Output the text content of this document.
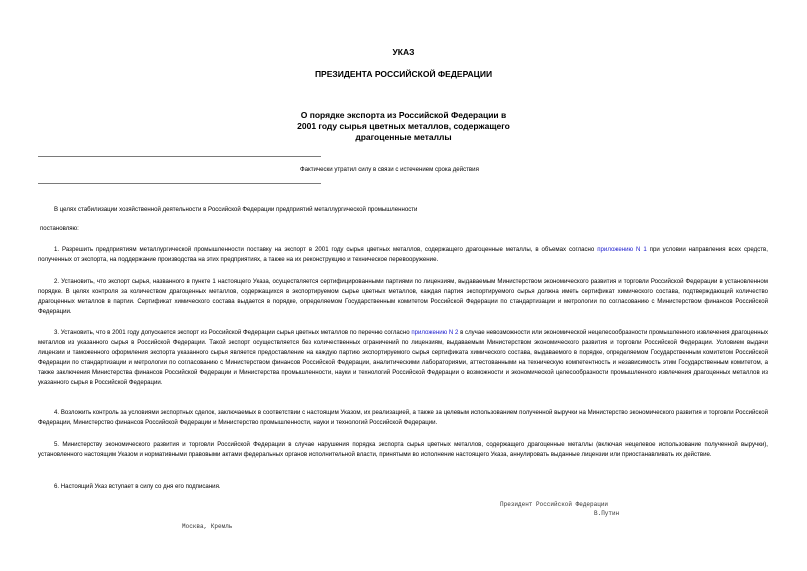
УКАЗ
ПРЕЗИДЕНТА РОССИЙСКОЙ ФЕДЕРАЦИИ
О порядке экспорта из Российской Федерации в
2001 году сырья цветных металлов, содержащего
драгоценные металлы
Фактически утратил силу в связи с истечением срока действия
В целях стабилизации хозяйственной деятельности в Российской Федерации предприятий металлургической промышленности
постановляю:
1. Разрешить предприятиям металлургической промышленности поставку на экспорт в 2001 году сырья цветных металлов, содержащего драгоценные металлы, в объемах согласно приложению N 1 при условии направления всех средств, полученных от экспорта, на поддержание производства на этих предприятиях, а также на их реконструкцию и техническое перевооружение.
2. Установить, что экспорт сырья, названного в пункте 1 настоящего Указа, осуществляется сертифицированными партиями по лицензиям, выдаваемым Министерством экономического развития и торговли Российской Федерации в установленном порядке. В целях контроля за количеством драгоценных металлов, содержащихся в экспортируемом сырье цветных металлов, каждая партия экспортируемого сырья должна иметь сертификат химического состава, подтверждающий количество драгоценных металлов в партии. Сертификат химического состава выдается в порядке, определяемом Государственным комитетом Российской Федерации по стандартизации и метрологии по согласованию с Министерством финансов Российской Федерации.
3. Установить, что в 2001 году допускается экспорт из Российской Федерации сырья цветных металлов по перечню согласно приложению N 2 в случае невозможности или экономической нецелесообразности промышленного извлечения драгоценных металлов из указанного сырья в Российской Федерации. Такой экспорт осуществляется без количественных ограничений по лицензиям, выдаваемым Министерством экономического развития и торговли Российской Федерации. Условием выдачи лицензии и таможенного оформления экспорта указанного сырья является предоставление на каждую партию экспортируемого сырья сертификата химического состава, выдаваемого в порядке, определяемом Государственным комитетом Российской Федерации по стандартизации и метрологии по согласованию с Министерством финансов Российской Федерации, аналитическими лабораториями, аттестованными на техническую компетентность и независимость этим Государственным комитетом, а также заключения Министерства финансов Российской Федерации и Министерства промышленности, науки и технологий Российской Федерации о возможности и экономической целесообразности промышленного извлечения драгоценных металлов из указанного сырья в Российской Федерации.
4. Возложить контроль за условиями экспортных сделок, заключаемых в соответствии с настоящим Указом, их реализацией, а также за целевым использованием полученной выручки на Министерство экономического развития и торговли Российской Федерации, Министерство финансов Российской Федерации и Министерство промышленности, науки и технологий Российской Федерации.
5. Министерству экономического развития и торговли Российской Федерации в случае нарушения порядка экспорта сырья цветных металлов, содержащего драгоценные металлы (включая нецелевое использование полученной выручки), установленного настоящим Указом и нормативными правовыми актами федеральных органов исполнительной власти, принятыми во исполнение настоящего Указа, аннулировать выданные лицензии или приостанавливать их действие.
6. Настоящий Указ вступает в силу со дня его подписания.
Президент Российской Федерации
В.Путин
Москва, Кремль
